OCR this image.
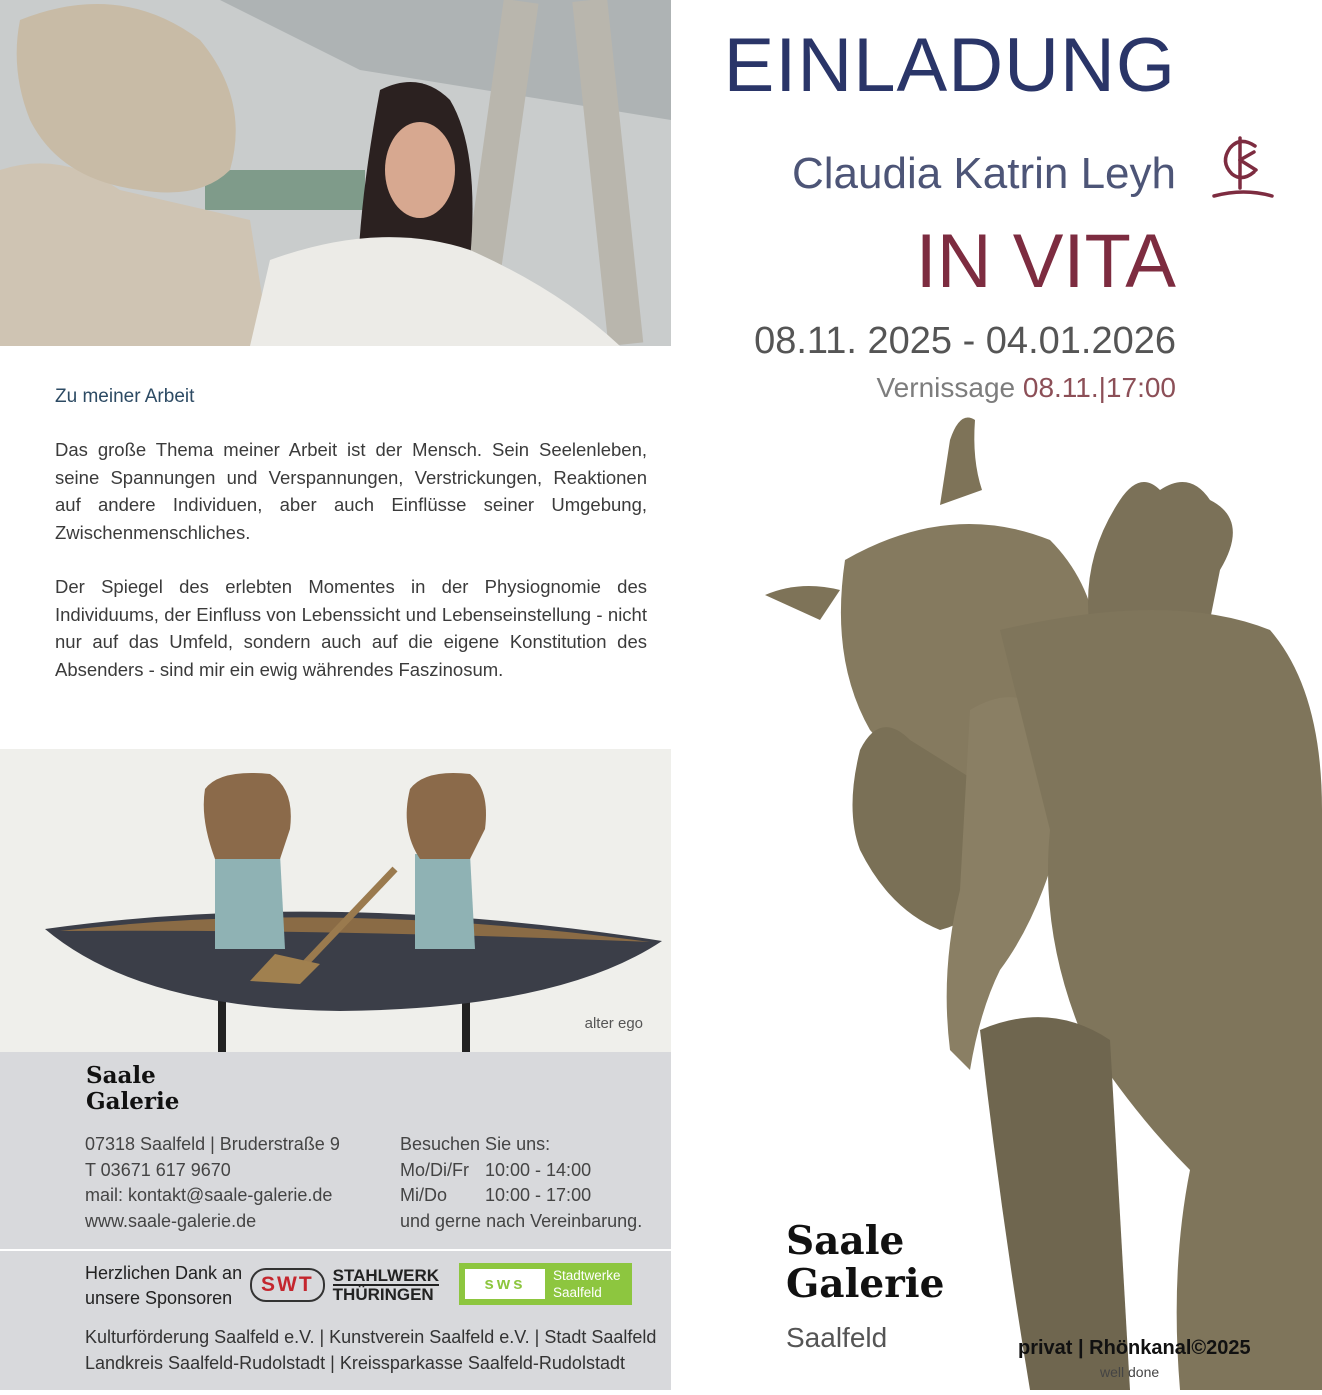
Zu meiner Arbeit

Das große Thema meiner Arbeit ist der Mensch. Sein Seelenleben, seine Spannungen und Verspannungen, Verstrickungen, Reaktionen auf andere Individuen, aber auch Einflüsse seiner Umgebung, Zwischenmenschliches.

Der Spiegel des erlebten Momentes in der Physiognomie des Individuums, der Einfluss von Lebenssicht und Lebenseinstellung - nicht nur auf das Umfeld, sondern auch auf die eigene Konstitution des Absenders - sind mir ein ewig währendes Faszinosum.

alter ego
Saale
Galerie
07318 Saalfeld | Bruderstraße 9
T 03671 617 9670
mail: kontakt@saale-galerie.de
www.saale-galerie.de
Besuchen Sie uns:
Mo/Di/Fr 10:00 - 14:00
Mi/Do 10:00 - 17:00
und gerne nach Vereinbarung.
Herzlichen Dank an
unsere Sponsoren
SWT	STAHLWERK
THÜRINGEN
sws	Stadtwerke
Saalfeld
Kulturförderung Saalfeld e.V. | Kunstverein Saalfeld e.V. | Stadt Saalfeld
Landkreis Saalfeld-Rudolstadt | Kreissparkasse Saalfeld-Rudolstadt
EINLADUNG
Claudia Katrin Leyh
IN VITA
08.11. 2025 - 04.01.2026
Vernissage 08.11.|17:00
Saale
Galerie
Saalfeld	privat | Rhönkanal©2025
well done
